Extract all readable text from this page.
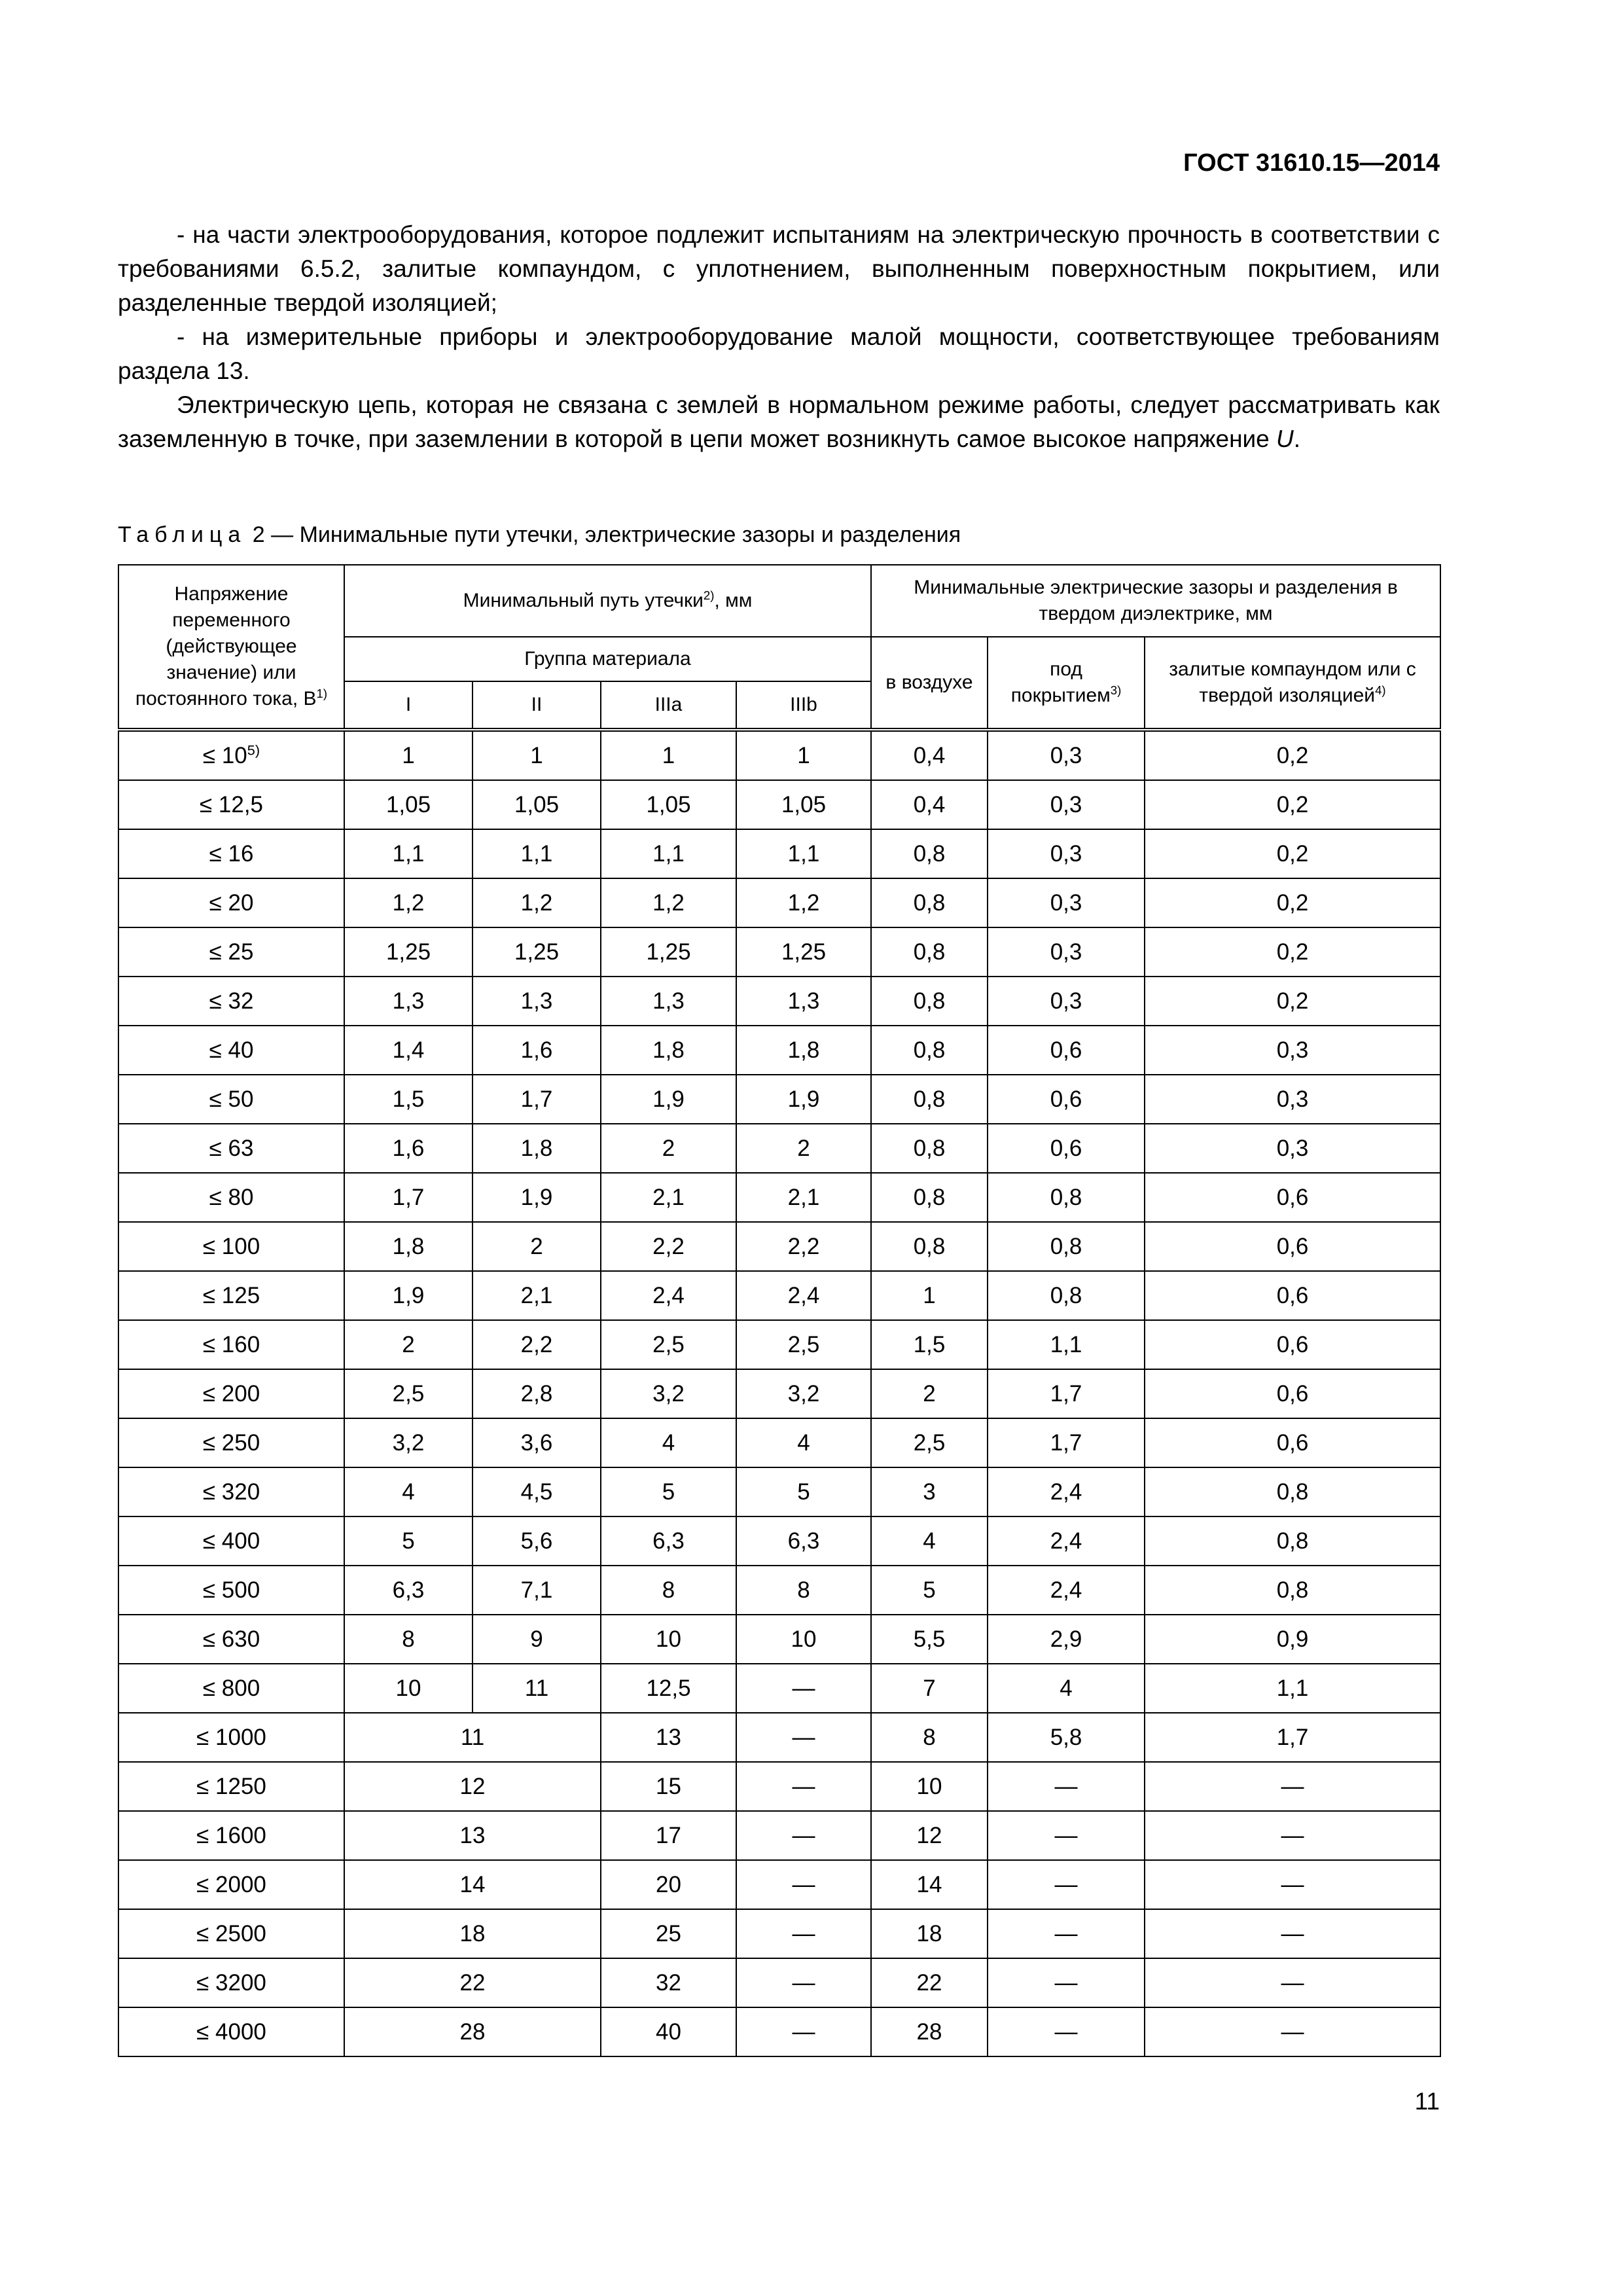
ГОСТ 31610.15—2014

- на части электрооборудования, которое подлежит испытаниям на электрическую прочность в соответствии с требованиями 6.5.2, залитые компаундом, с уплотнением, выполненным поверхностным покрытием, или разделенные твердой изоляцией;

- на измерительные приборы и электрооборудование малой мощности, соответствующее требованиям раздела 13.

Электрическую цепь, которая не связана с землей в нормальном режиме работы, следует рассматривать как заземленную в точке, при заземлении в которой в цепи может возникнуть самое высокое напряжение U.

Таблица 2 — Минимальные пути утечки, электрические зазоры и разделения
Напряжение переменного (действующее значение) или постоянного тока, $В^{1)}$	Минимальный путь утечки$^{2)}$, мм				Минимальные электрические зазоры и разделения в твердом диэлектрике, мм		
	Группа материала				в воздухе	под покрытием$^{3)}$	залитые компаундом или с твердой изоляцией$^{4)}$
	I	II	IIIa	IIIb			
≤ $10^{5)}$	1	1	1	1	0,4	0,3	0,2
≤ 12,5	1,05	1,05	1,05	1,05	0,4	0,3	0,2
≤ 16	1,1	1,1	1,1	1,1	0,8	0,3	0,2
≤ 20	1,2	1,2	1,2	1,2	0,8	0,3	0,2
≤ 25	1,25	1,25	1,25	1,25	0,8	0,3	0,2
≤ 32	1,3	1,3	1,3	1,3	0,8	0,3	0,2
≤ 40	1,4	1,6	1,8	1,8	0,8	0,6	0,3
≤ 50	1,5	1,7	1,9	1,9	0,8	0,6	0,3
≤ 63	1,6	1,8	2	2	0,8	0,6	0,3
≤ 80	1,7	1,9	2,1	2,1	0,8	0,8	0,6
≤ 100	1,8	2	2,2	2,2	0,8	0,8	0,6
≤ 125	1,9	2,1	2,4	2,4	1	0,8	0,6
≤ 160	2	2,2	2,5	2,5	1,5	1,1	0,6
≤ 200	2,5	2,8	3,2	3,2	2	1,7	0,6
≤ 250	3,2	3,6	4	4	2,5	1,7	0,6
≤ 320	4	4,5	5	5	3	2,4	0,8
≤ 400	5	5,6	6,3	6,3	4	2,4	0,8
≤ 500	6,3	7,1	8	8	5	2,4	0,8
≤ 630	8	9	10	10	5,5	2,9	0,9
≤ 800	10	11	12,5	—	7	4	1,1
≤ 1000	11		13	—	8	5,8	1,7
≤ 1250	12		15	—	10	—	—
≤ 1600	13		17	—	12	—	—
≤ 2000	14		20	—	14	—	—
≤ 2500	18		25	—	18	—	—
≤ 3200	22		32	—	22	—	—
≤ 4000	28		40	—	28	—	—
11
